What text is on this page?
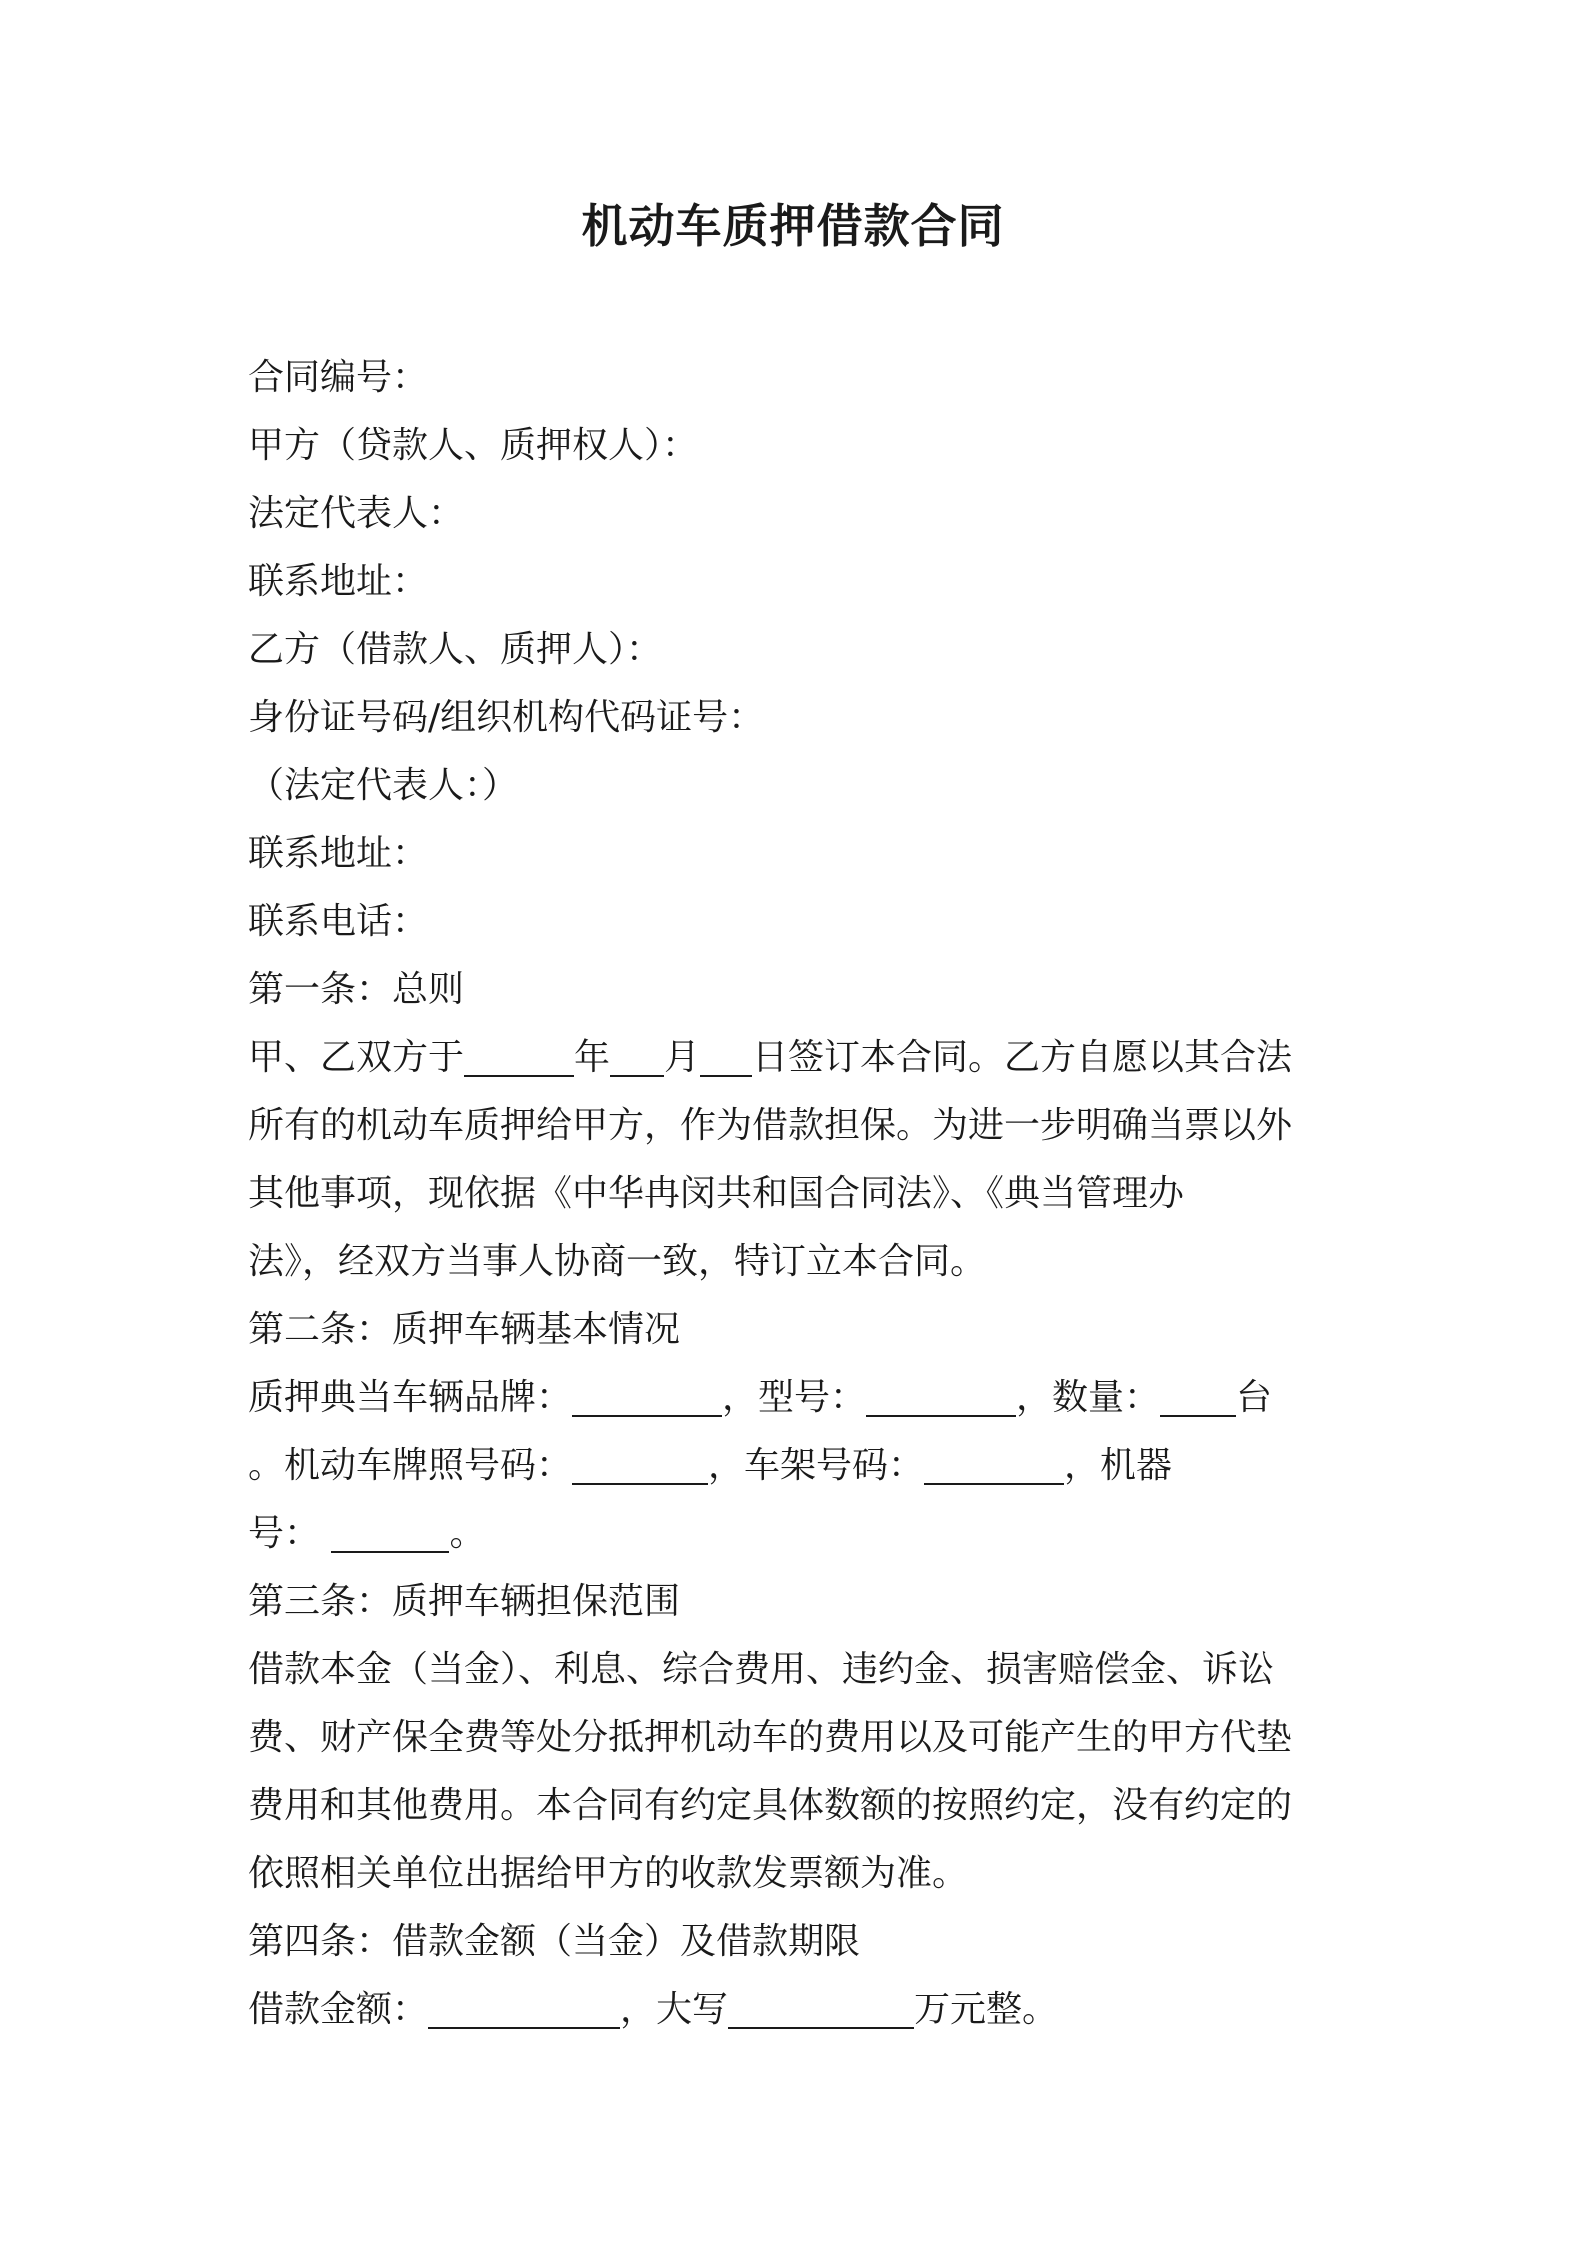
机动车质押借款合同
合同编号：
甲方（贷款人、质押权人）：
法定代表人：
联系地址：
乙方（借款人、质押人）：
身份证号码/组织机构代码证号：
（法定代表人：）
联系地址：
联系电话：
第一条：总则
甲、乙双方于	年 月 日签订本合同。乙方自愿以其合法
所有的机动车质押给甲方，作为借款担保。为进一步明确当票以外
其他事项，现依据《中华冉闵共和国合同法》、《典当管理办
法》，经双方当事人协商一致，特订立本合同。
第二条：质押车辆基本情况
质押典当车辆品牌：	，型号：	，数量： 台
。机动车牌照号码：	，车架号码：	，机器
号：	。
第三条：质押车辆担保范围
借款本金（当金）、利息、综合费用、违约金、损害赔偿金、诉讼
费、财产保全费等处分抵押机动车的费用以及可能产生的甲方代垫
费用和其他费用。本合同有约定具体数额的按照约定，没有约定的
依照相关单位出据给甲方的收款发票额为准。
第四条：借款金额（当金）及借款期限
借款金额：	，大写	万元整。
